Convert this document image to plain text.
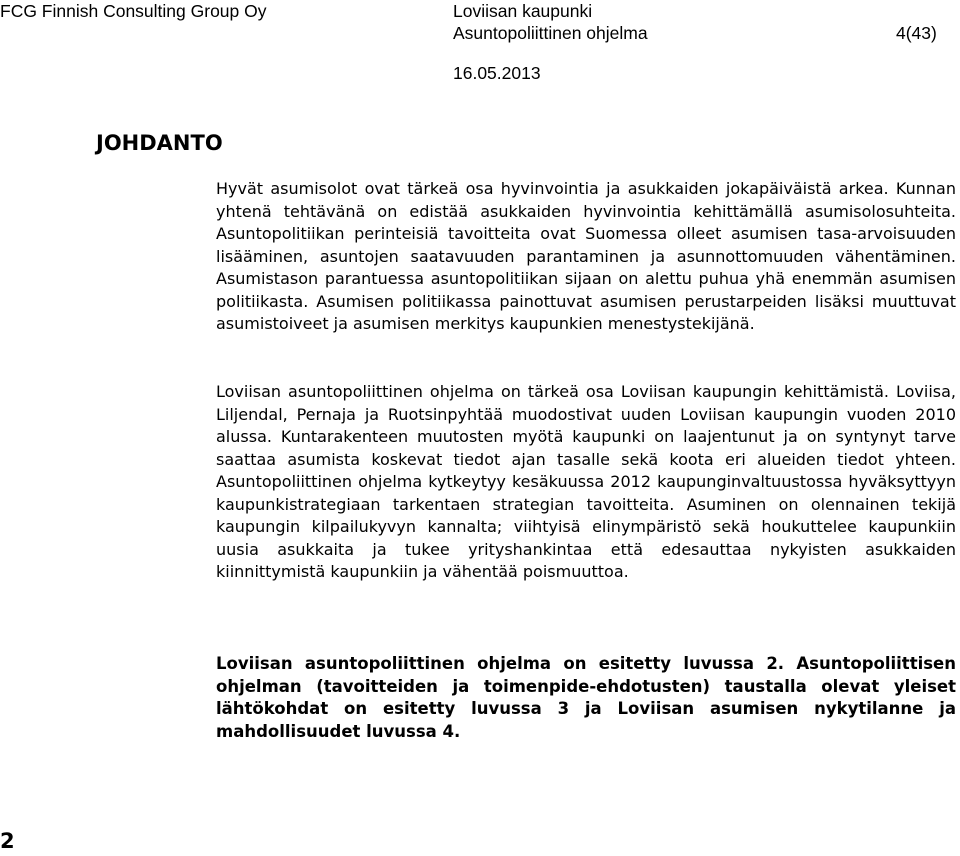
FCG Finnish Consulting Group Oy	Loviisan kaupunki
Asuntopoliittinen ohjelma	4(43)
16.05.2013
JOHDANTO

Hyvät asumisolot ovat tärkeä osa hyvinvointia ja asukkaiden jokapäiväistä arkea. Kunnan yhtenä tehtävänä on edistää asukkaiden hyvinvointia kehittämällä asumisolosuhteita. Asuntopolitiikan perinteisiä tavoitteita ovat Suomessa olleet asumisen tasa-arvoisuuden lisääminen, asuntojen saatavuuden parantaminen ja asunnottomuuden vähentäminen. Asumistason parantuessa asuntopolitiikan sijaan on alettu puhua yhä enemmän asumisen politiikasta. Asumisen politiikassa painottuvat asumisen perustarpeiden lisäksi muuttuvat asumistoiveet ja asumisen merkitys kaupunkien menestystekijänä.

Loviisan asuntopoliittinen ohjelma on tärkeä osa Loviisan kaupungin kehittämistä. Loviisa, Liljendal, Pernaja ja Ruotsinpyhtää muodostivat uuden Loviisan kaupungin vuoden 2010 alussa. Kuntarakenteen muutosten myötä kaupunki on laajentunut ja on syntynyt tarve saattaa asumista koskevat tiedot ajan tasalle sekä koota eri alueiden tiedot yhteen. Asuntopoliittinen ohjelma kytkeytyy kesäkuussa 2012 kaupunginvaltuustossa hyväksyttyyn kaupunkistrategiaan tarkentaen strategian tavoitteita. Asuminen on olennainen tekijä kaupungin kilpailukyvyn kannalta; viihtyisä elinympäristö sekä houkuttelee kaupunkiin uusia asukkaita ja tukee yrityshankintaa että edesauttaa nykyisten asukkaiden kiinnittymistä kaupunkiin ja vähentää poismuuttoa.

Loviisan asuntopoliittinen ohjelma on esitetty luvussa 2. Asuntopoliittisen ohjelman (tavoitteiden ja toimenpide-ehdotusten) taustalla olevat yleiset lähtökohdat on esitetty luvussa 3 ja Loviisan asumisen nykytilanne ja mahdollisuudet luvussa 4.

2
